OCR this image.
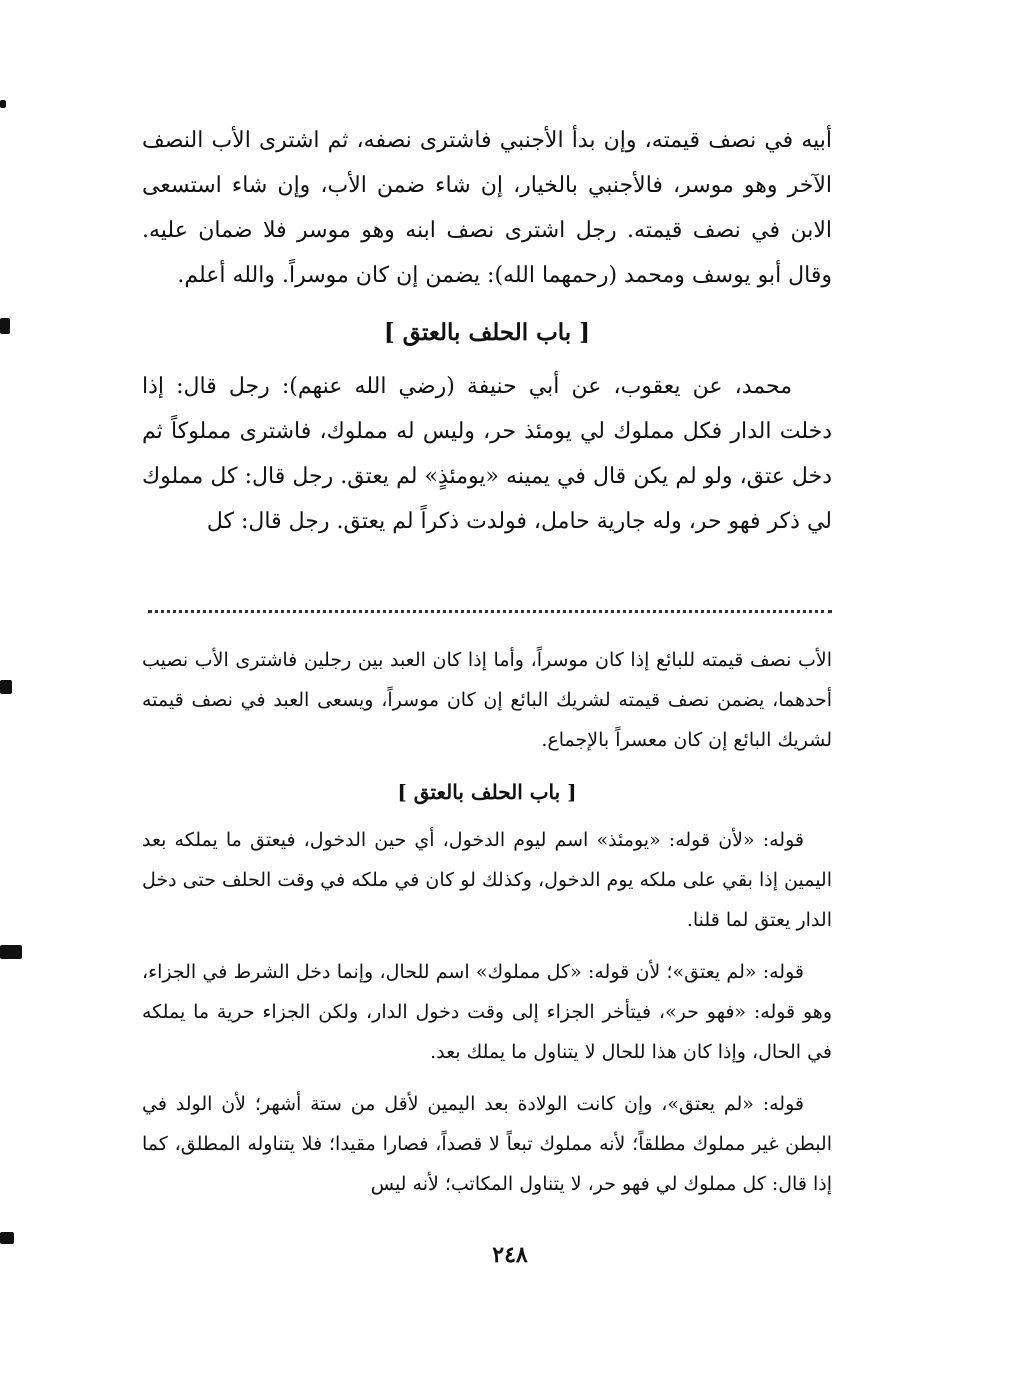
أبيه في نصف قيمته، وإن بدأ الأجنبي فاشترى نصفه، ثم اشترى الأب النصف الآخر وهو موسر، فالأجنبي بالخيار، إن شاء ضمن الأب، وإن شاء استسعى الابن في نصف قيمته. رجل اشترى نصف ابنه وهو موسر فلا ضمان عليه. وقال أبو يوسف ومحمد (رحمهما الله): يضمن إن كان موسراً. والله أعلم.

[ باب الحلف بالعتق ]

محمد، عن يعقوب، عن أبي حنيفة (رضي الله عنهم): رجل قال: إذا دخلت الدار فكل مملوك لي يومئذ حر، وليس له مملوك، فاشترى مملوكاً ثم دخل عتق، ولو لم يكن قال في يمينه «يومئذٍ» لم يعتق. رجل قال: كل مملوك لي ذكر فهو حر، وله جارية حامل، فولدت ذكراً لم يعتق. رجل قال: كل

الأب نصف قيمته للبائع إذا كان موسراً، وأما إذا كان العبد بين رجلين فاشترى الأب نصيب أحدهما، يضمن نصف قيمته لشريك البائع إن كان موسراً، ويسعى العبد في نصف قيمته لشريك البائع إن كان معسراً بالإجماع.

[ باب الحلف بالعتق ]

قوله: «لأن قوله: «يومئذ» اسم ليوم الدخول، أي حين الدخول، فيعتق ما يملكه بعد اليمين إذا بقي على ملكه يوم الدخول، وكذلك لو كان في ملكه في وقت الحلف حتى دخل الدار يعتق لما قلنا.

قوله: «لم يعتق»؛ لأن قوله: «كل مملوك» اسم للحال، وإنما دخل الشرط في الجزاء، وهو قوله: «فهو حر»، فيتأخر الجزاء إلى وقت دخول الدار، ولكن الجزاء حرية ما يملكه في الحال، وإذا كان هذا للحال لا يتناول ما يملك بعد.

قوله: «لم يعتق»، وإن كانت الولادة بعد اليمين لأقل من ستة أشهر؛ لأن الولد في البطن غير مملوك مطلقاً؛ لأنه مملوك تبعاً لا قصداً، فصارا مقيدا؛ فلا يتناوله المطلق، كما إذا قال: كل مملوك لي فهو حر، لا يتناول المكاتب؛ لأنه ليس

٢٤٨
